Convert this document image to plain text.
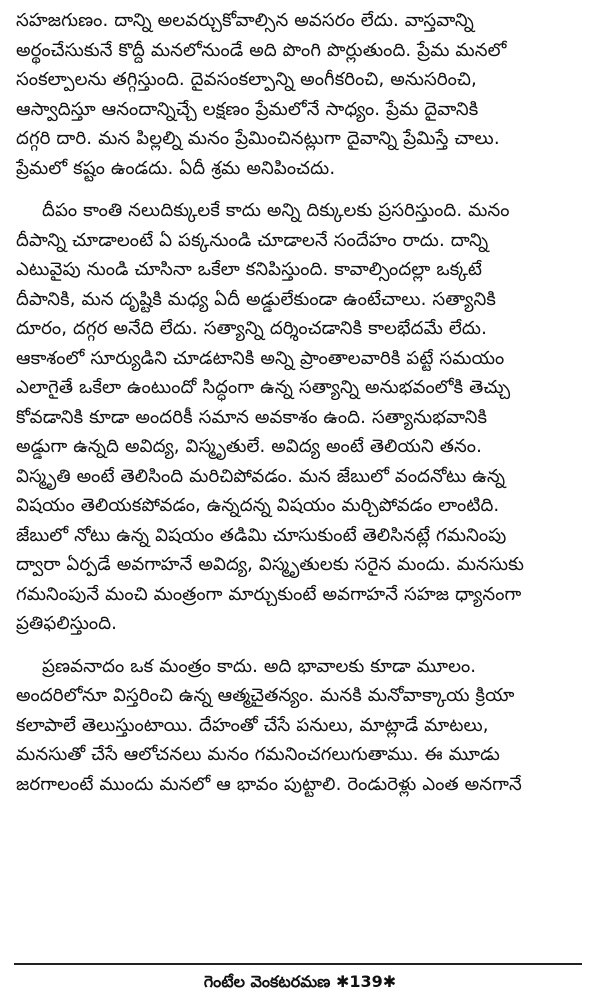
సహజగుణం. దాన్ని అలవర్చుకోవాల్సిన అవసరం లేదు. వాస్తవాన్ని
అర్థంచేసుకునే కొద్దీ మనలోనుండే అది పొంగి పొర్లుతుంది. ప్రేమ మనలో
సంకల్పాలను తగ్గిస్తుంది. దైవసంకల్పాన్ని అంగీకరించి, అనుసరించి,
ఆస్వాదిస్తూ ఆనందాన్నిచ్చే లక్షణం ప్రేమలోనే సాధ్యం. ప్రేమ దైవానికి
దగ్గరి దారి. మన పిల్లల్ని మనం ప్రేమించినట్లుగా దైవాన్ని ప్రేమిస్తే చాలు.
ప్రేమలో కష్టం ఉండదు. ఏదీ శ్రమ అనిపించదు.
దీపం కాంతి నలుదిక్కులకే కాదు అన్ని దిక్కులకు ప్రసరిస్తుంది. మనం
దీపాన్ని చూడాలంటే ఏ పక్కనుండి చూడాలనే సందేహం రాదు. దాన్ని
ఎటువైపు నుండి చూసినా ఒకేలా కనిపిస్తుంది. కావాల్సిందల్లా ఒక్కటే
దీపానికి, మన దృష్టికి మధ్య ఏదీ అడ్డులేకుండా ఉంటేచాలు. సత్యానికి
దూరం, దగ్గర అనేది లేదు. సత్యాన్ని దర్శించడానికి కాలభేదమే లేదు.
ఆకాశంలో సూర్యుడిని చూడటానికి అన్ని ప్రాంతాలవారికి పట్టే సమయం
ఎలాగైతే ఒకేలా ఉంటుందో సిద్ధంగా ఉన్న సత్యాన్ని అనుభవంలోకి తెచ్చు
కోవడానికి కూడా అందరికీ సమాన అవకాశం ఉంది. సత్యానుభవానికి
అడ్డుగా ఉన్నది అవిద్య, విస్మృతులే. అవిద్య అంటే తెలియని తనం.
విస్మృతి అంటే తెలిసింది మరిచిపోవడం. మన జేబులో వందనోటు ఉన్న
విషయం తెలియకపోవడం, ఉన్నదన్న విషయం మర్చిపోవడం లాంటిది.
జేబులో నోటు ఉన్న విషయం తడిమి చూసుకుంటే తెలిసినట్లే గమనింపు
ద్వారా ఏర్పడే అవగాహనే అవిద్య, విస్మృతులకు సరైన మందు. మనసుకు
గమనింపునే మంచి మంత్రంగా మార్చుకుంటే అవగాహనే సహజ ధ్యానంగా
ప్రతిఫలిస్తుంది.
ప్రణవనాదం ఒక మంత్రం కాదు. అది భావాలకు కూడా మూలం.
అందరిలోనూ విస్తరించి ఉన్న ఆత్మచైతన్యం. మనకి మనోవాక్కాయ క్రియా
కలాపాలే తెలుస్తుంటాయి. దేహంతో చేసే పనులు, మాట్లాడే మాటలు,
మనసుతో చేసే ఆలోచనలు మనం గమనించగలుగుతాము. ఈ మూడు
జరగాలంటే ముందు మనలో ఆ భావం పుట్టాలి. రెండురెళ్లు ఎంత అనగానే
గెంటేల వెంకటరమణ ✱139✱
